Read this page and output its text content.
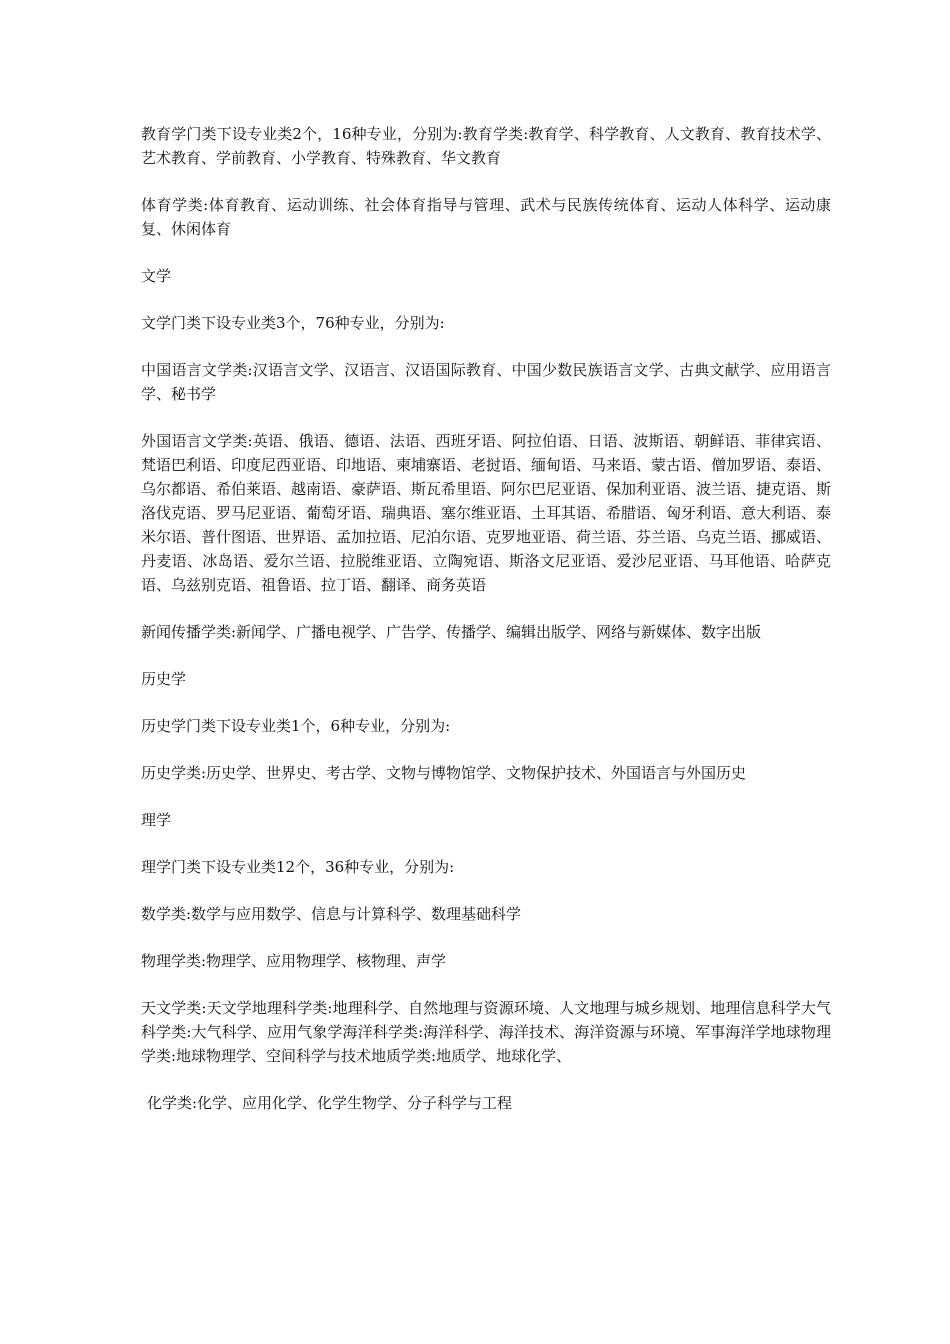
教育学门类下设专业类2个，16种专业，分别为:教育学类:教育学、科学教育、人文教育、教育技术学、艺术教育、学前教育、小学教育、特殊教育、华文教育

体育学类:体育教育、运动训练、社会体育指导与管理、武术与民族传统体育、运动人体科学、运动康复、休闲体育

文学

文学门类下设专业类3个，76种专业，分别为:

中国语言文学类:汉语言文学、汉语言、汉语国际教育、中国少数民族语言文学、古典文献学、应用语言学、秘书学

外国语言文学类:英语、俄语、德语、法语、西班牙语、阿拉伯语、日语、波斯语、朝鲜语、菲律宾语、梵语巴利语、印度尼西亚语、印地语、柬埔寨语、老挝语、缅甸语、马来语、蒙古语、僧加罗语、泰语、乌尔都语、希伯莱语、越南语、豪萨语、斯瓦希里语、阿尔巴尼亚语、保加利亚语、波兰语、捷克语、斯洛伐克语、罗马尼亚语、葡萄牙语、瑞典语、塞尔维亚语、土耳其语、希腊语、匈牙利语、意大利语、泰米尔语、普什图语、世界语、孟加拉语、尼泊尔语、克罗地亚语、荷兰语、芬兰语、乌克兰语、挪威语、丹麦语、冰岛语、爱尔兰语、拉脱维亚语、立陶宛语、斯洛文尼亚语、爱沙尼亚语、马耳他语、哈萨克语、乌兹别克语、祖鲁语、拉丁语、翻译、商务英语

新闻传播学类:新闻学、广播电视学、广告学、传播学、编辑出版学、网络与新媒体、数字出版

历史学

历史学门类下设专业类1个，6种专业，分别为:

历史学类:历史学、世界史、考古学、文物与博物馆学、文物保护技术、外国语言与外国历史

理学

理学门类下设专业类12个，36种专业，分别为:

数学类:数学与应用数学、信息与计算科学、数理基础科学

物理学类:物理学、应用物理学、核物理、声学

天文学类:天文学地理科学类:地理科学、自然地理与资源环境、人文地理与城乡规划、地理信息科学大气科学类:大气科学、应用气象学海洋科学类:海洋科学、海洋技术、海洋资源与环境、军事海洋学地球物理学类:地球物理学、空间科学与技术地质学类:地质学、地球化学、

化学类:化学、应用化学、化学生物学、分子科学与工程
